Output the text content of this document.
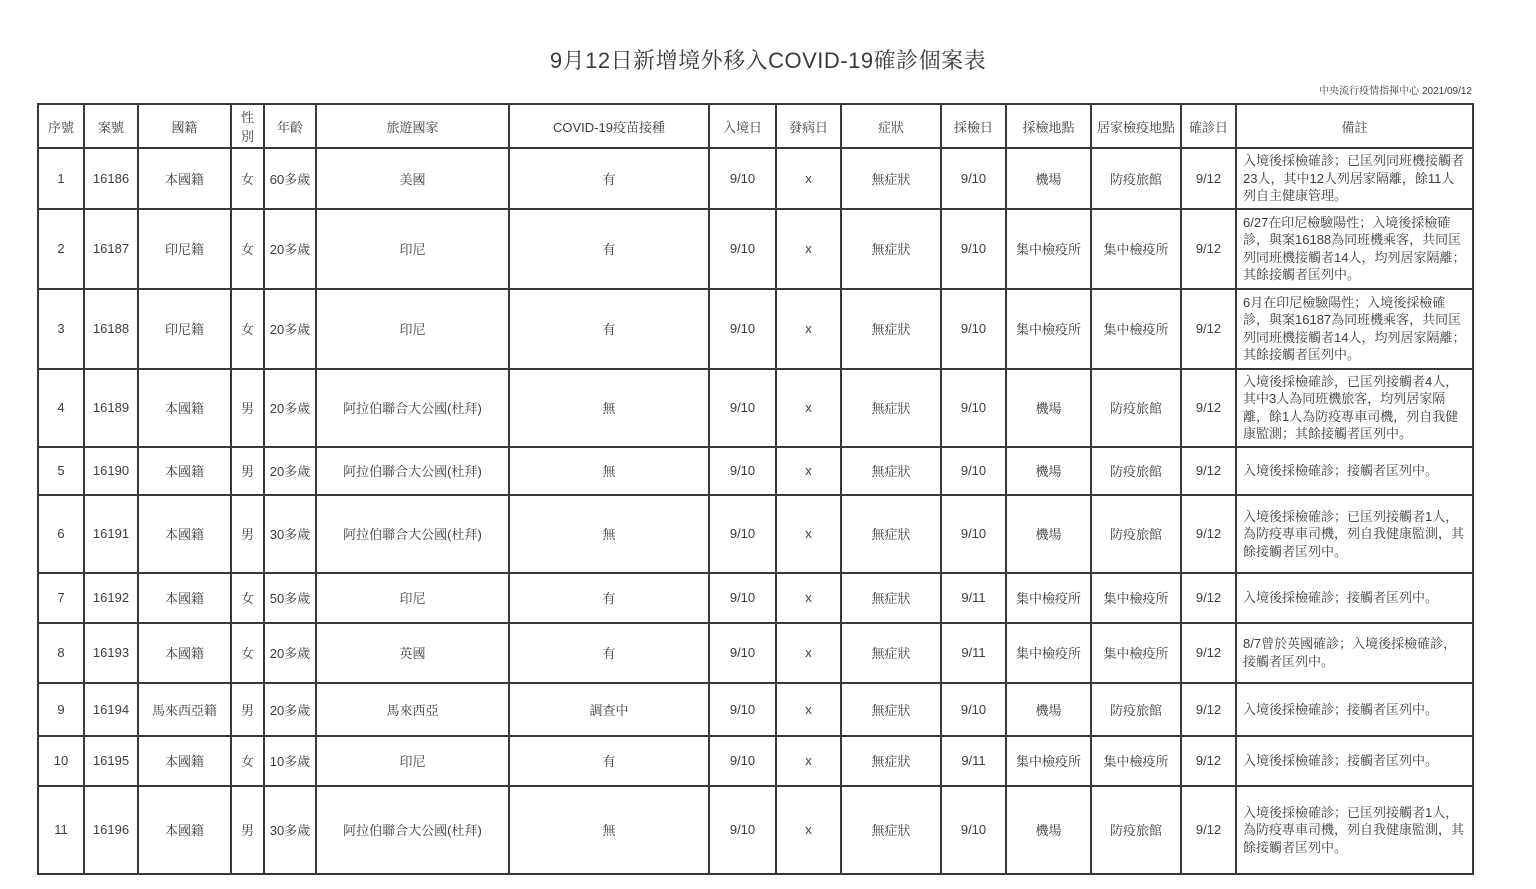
9月12日新增境外移入COVID-19確診個案表
中央流行疫情指揮中心 2021/09/12
序號	案號	國籍	性別	年齡	旅遊國家	COVID-19疫苗接種	入境日	發病日	症狀	採檢日	採檢地點	居家檢疫地點	確診日	備註
1	16186	本國籍	女	60多歲	美國	有	9/10	x	無症狀	9/10	機場	防疫旅館	9/12	入境後採檢確診；已匡列同班機接觸者23人，其中12人列居家隔離，餘11人列自主健康管理。
2	16187	印尼籍	女	20多歲	印尼	有	9/10	x	無症狀	9/10	集中檢疫所	集中檢疫所	9/12	6/27在印尼檢驗陽性；入境後採檢確診，與案16188為同班機乘客，共同匡列同班機接觸者14人，均列居家隔離；其餘接觸者匡列中。
3	16188	印尼籍	女	20多歲	印尼	有	9/10	x	無症狀	9/10	集中檢疫所	集中檢疫所	9/12	6月在印尼檢驗陽性；入境後採檢確診，與案16187為同班機乘客，共同匡列同班機接觸者14人，均列居家隔離；其餘接觸者匡列中。
4	16189	本國籍	男	20多歲	阿拉伯聯合大公國(杜拜)	無	9/10	x	無症狀	9/10	機場	防疫旅館	9/12	入境後採檢確診，已匡列接觸者4人，其中3人為同班機旅客，均列居家隔離，餘1人為防疫專車司機，列自我健康監測；其餘接觸者匡列中。
5	16190	本國籍	男	20多歲	阿拉伯聯合大公國(杜拜)	無	9/10	x	無症狀	9/10	機場	防疫旅館	9/12	入境後採檢確診；接觸者匡列中。
6	16191	本國籍	男	30多歲	阿拉伯聯合大公國(杜拜)	無	9/10	x	無症狀	9/10	機場	防疫旅館	9/12	入境後採檢確診；已匡列接觸者1人，為防疫專車司機，列自我健康監測，其餘接觸者匡列中。
7	16192	本國籍	女	50多歲	印尼	有	9/10	x	無症狀	9/11	集中檢疫所	集中檢疫所	9/12	入境後採檢確診；接觸者匡列中。
8	16193	本國籍	女	20多歲	英國	有	9/10	x	無症狀	9/11	集中檢疫所	集中檢疫所	9/12	8/7曾於英國確診；入境後採檢確診，接觸者匡列中。
9	16194	馬來西亞籍	男	20多歲	馬來西亞	調查中	9/10	x	無症狀	9/10	機場	防疫旅館	9/12	入境後採檢確診；接觸者匡列中。
10	16195	本國籍	女	10多歲	印尼	有	9/10	x	無症狀	9/11	集中檢疫所	集中檢疫所	9/12	入境後採檢確診；接觸者匡列中。
11	16196	本國籍	男	30多歲	阿拉伯聯合大公國(杜拜)	無	9/10	x	無症狀	9/10	機場	防疫旅館	9/12	入境後採檢確診；已匡列接觸者1人，為防疫專車司機，列自我健康監測，其餘接觸者匡列中。
